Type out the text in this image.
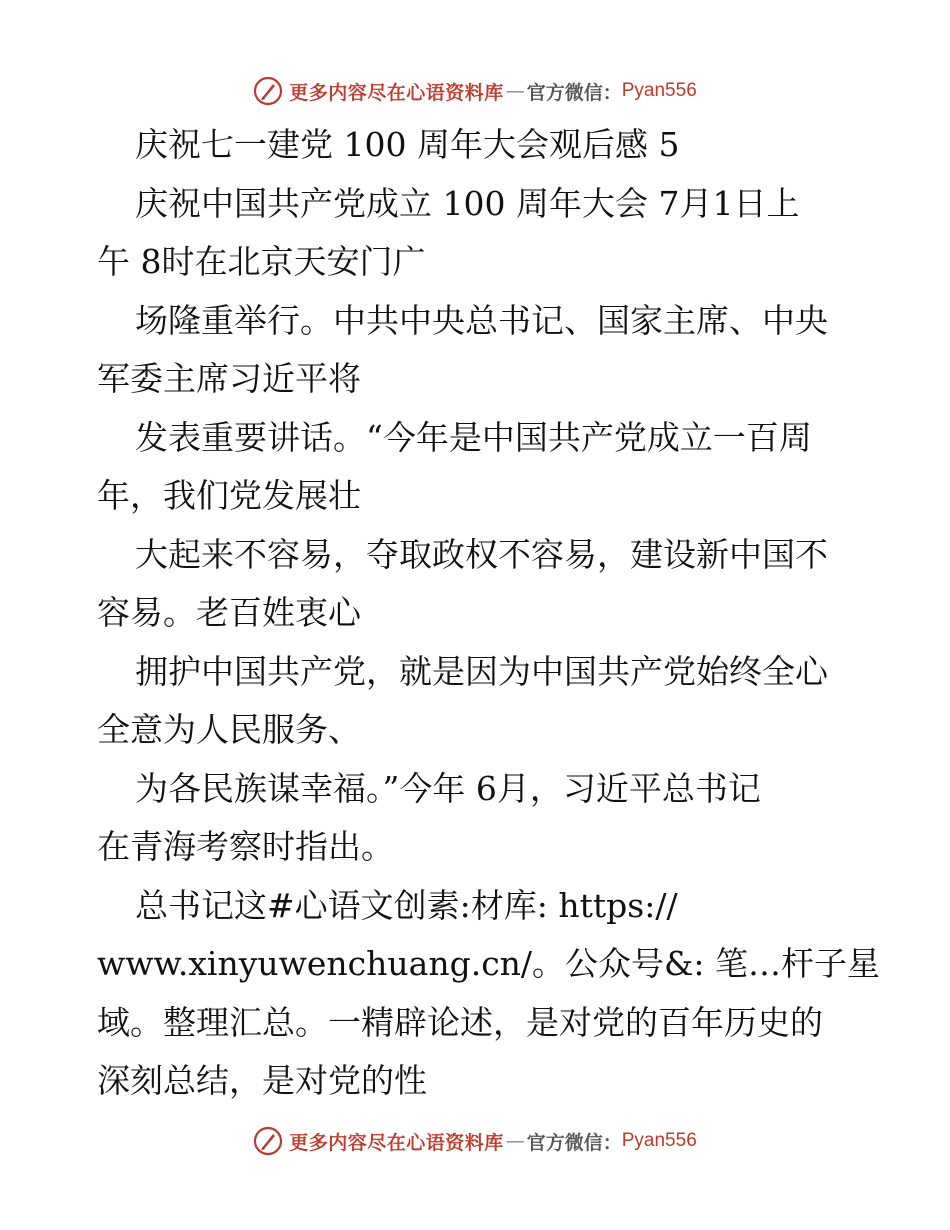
更多内容尽在心语资料库 — 官方微信： Pyan556
庆祝七一建党 100 周年大会观后感 5
庆祝中国共产党成立 100 周年大会 7月1日上
午 8时在北京天安门广
场隆重举行。中共中央总书记、国家主席、中央
军委主席习近平将
发表重要讲话。“今年是中国共产党成立一百周
年，我们党发展壮
大起来不容易，夺取政权不容易，建设新中国不
容易。老百姓衷心
拥护中国共产党，就是因为中国共产党始终全心
全意为人民服务、
为各民族谋幸福。”今年 6月，习近平总书记
在青海考察时指出。
总书记这#心语文创素:材库: https://
www.xinyuwenchuang.cn/。公众号&: 笔…杆子星
域。整理汇总。一精辟论述，是对党的百年历史的
深刻总结，是对党的性
更多内容尽在心语资料库 — 官方微信： Pyan556
